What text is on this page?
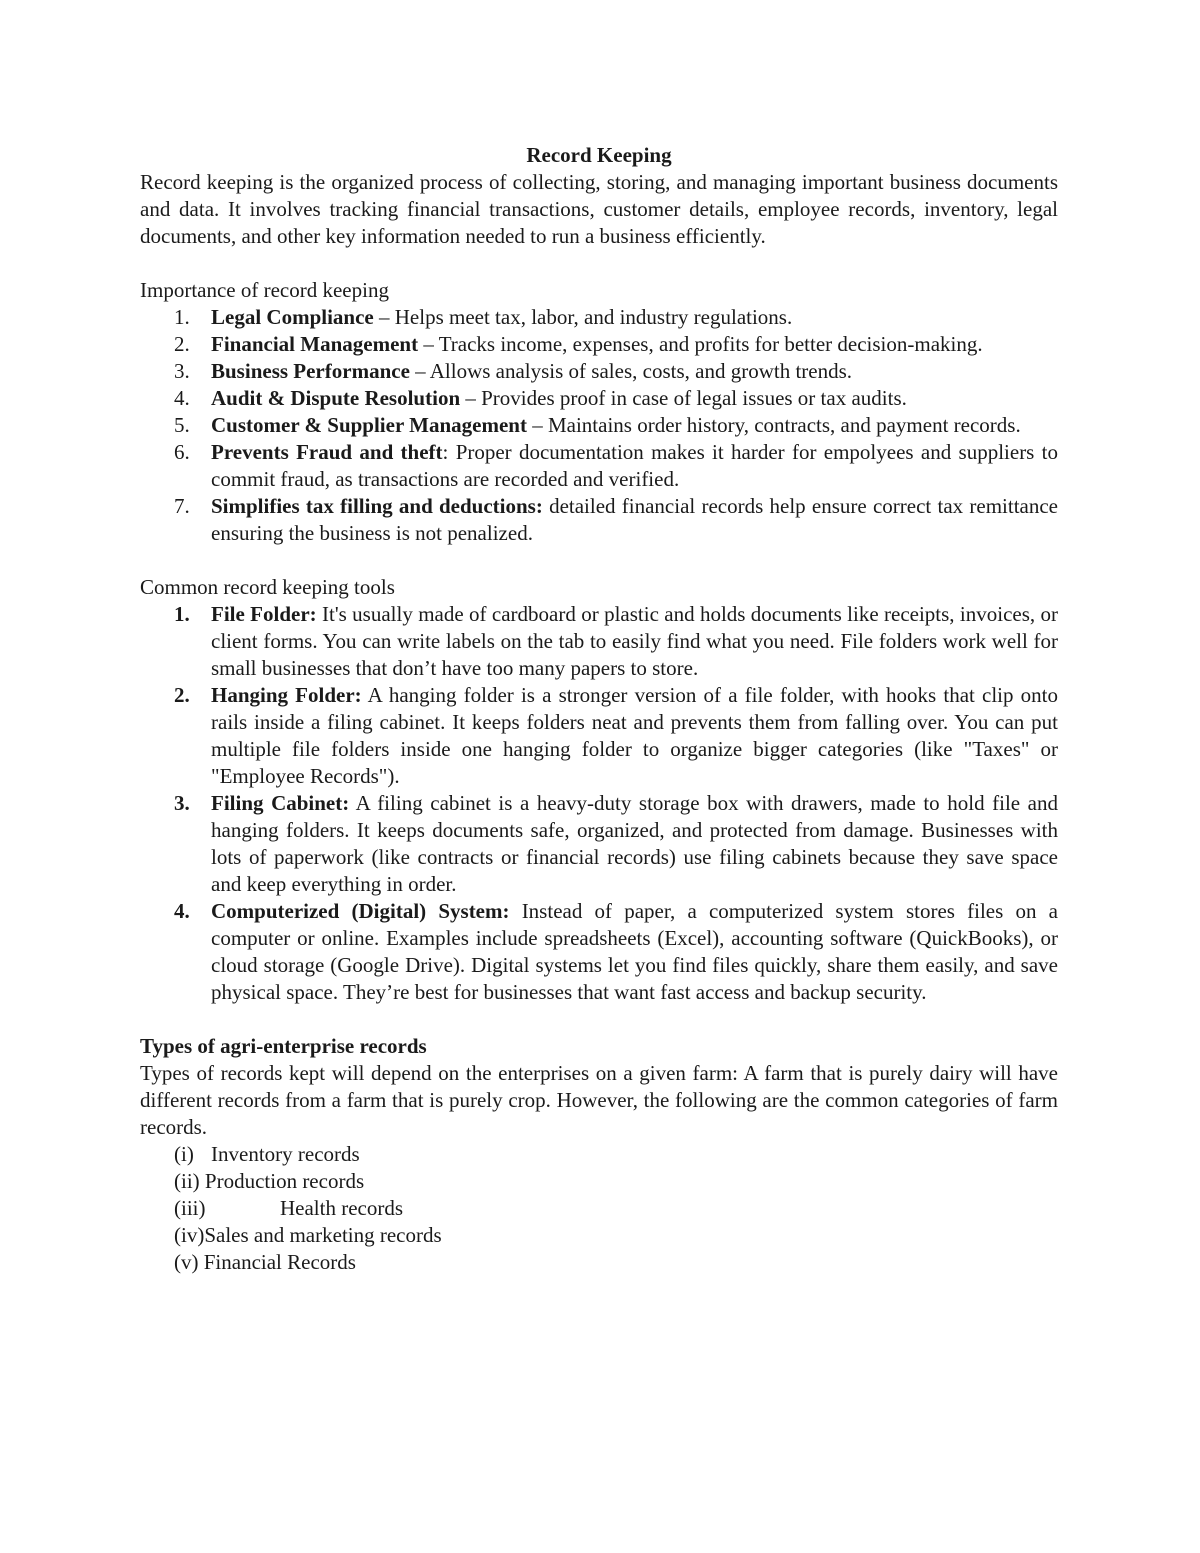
Record Keeping

Record keeping is the organized process of collecting, storing, and managing important business documents and data. It involves tracking financial transactions, customer details, employee records, inventory, legal documents, and other key information needed to run a business efficiently.

Importance of record keeping

1. Legal Compliance – Helps meet tax, labor, and industry regulations.
2. Financial Management – Tracks income, expenses, and profits for better decision-making.
3. Business Performance – Allows analysis of sales, costs, and growth trends.
4. Audit & Dispute Resolution – Provides proof in case of legal issues or tax audits.
5. Customer & Supplier Management – Maintains order history, contracts, and payment records.
6. Prevents Fraud and theft: Proper documentation makes it harder for empolyees and suppliers to commit fraud, as transactions are recorded and verified.
7. Simplifies tax filling and deductions: detailed financial records help ensure correct tax remittance ensuring the business is not penalized.

Common record keeping tools

1. File Folder: It's usually made of cardboard or plastic and holds documents like receipts, invoices, or client forms. You can write labels on the tab to easily find what you need. File folders work well for small businesses that don’t have too many papers to store.
2. Hanging Folder: A hanging folder is a stronger version of a file folder, with hooks that clip onto rails inside a filing cabinet. It keeps folders neat and prevents them from falling over. You can put multiple file folders inside one hanging folder to organize bigger categories (like "Taxes" or "Employee Records").
3. Filing Cabinet: A filing cabinet is a heavy-duty storage box with drawers, made to hold file and hanging folders. It keeps documents safe, organized, and protected from damage. Businesses with lots of paperwork (like contracts or financial records) use filing cabinets because they save space and keep everything in order.
4. Computerized (Digital) System: Instead of paper, a computerized system stores files on a computer or online. Examples include spreadsheets (Excel), accounting software (QuickBooks), or cloud storage (Google Drive). Digital systems let you find files quickly, share them easily, and save physical space. They’re best for businesses that want fast access and backup security.

Types of agri-enterprise records

Types of records kept will depend on the enterprises on a given farm: A farm that is purely dairy will have different records from a farm that is purely crop. However, the following are the common categories of farm records.

(i) Inventory records
(ii) Production records
(iii)	Health records
(iv)Sales and marketing records
(v) Financial Records
